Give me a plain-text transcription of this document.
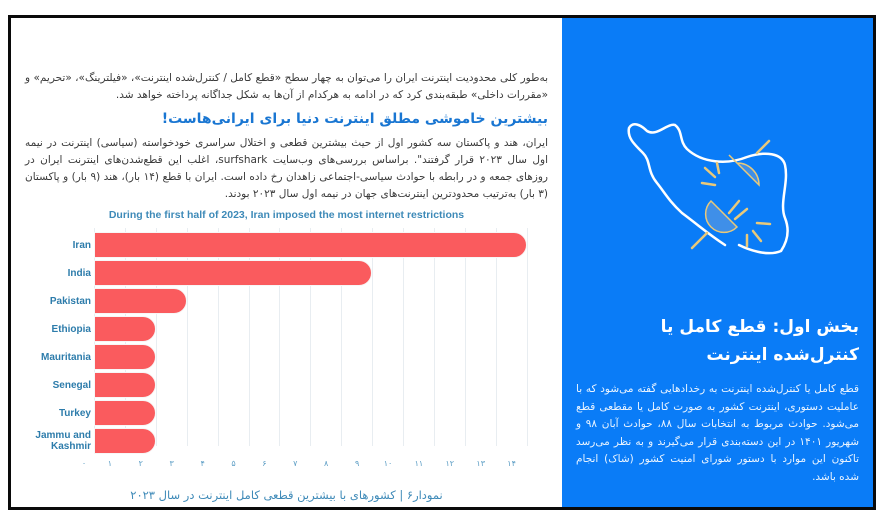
به‌طور کلی محدودیت اینترنت ایران را می‌توان به چهار سطح «قطع کامل / کنترل‌شده اینترنت»، «فیلترینگ»، «تحریم» و «مقررات داخلی» طبقه‌بندی کرد که در ادامه به هرکدام از آن‌ها به شکل جداگانه پرداخته خواهد شد.
بیشترین خاموشی مطلق اینترنت دنیا برای ایرانی‌هاست!
ایران، هند و پاکستان سه کشور اول از حیث بیشترین قطعی و اختلال سراسری خودخواسته (سیاسی) اینترنت در نیمه اول سال ۲۰۲۳ قرار گرفتند". براساس بررسی‌های وب‌سایت surfshark، اغلب این قطع‌شدن‌های اینترنت ایران در روزهای جمعه و در رابطه با حوادث سیاسی-اجتماعی زاهدان رخ داده است. ایران با قطع (۱۴ بار)، هند (۹ بار) و پاکستان (۳ بار) به‌ترتیب محدودترین اینترنت‌های جهان در نیمه اول سال ۲۰۲۳ بودند.
During the first half of 2023, Iran imposed the most internet restrictions
۰	۱	۲	۳	۴	۵	۶	۷	۸	۹	۱۰	۱۱	۱۲	۱۳	۱۴
Iran
India
Pakistan
Ethiopia
Mauritania
Senegal
Turkey
Jammu and Kashmir
نمودار۶ | کشورهای با بیشترین قطعی کامل اینترنت در سال ۲۰۲۳
بخش اول: قطع کامل یا
کنترل‌شده اینترنت
قطع کامل یا کنترل‌شده اینترنت به رخدادهایی گفته می‌شود که با عاملیت دستوری، اینترنت کشور به صورت کامل یا مقطعی قطع می‌شود. حوادث مربوط به انتخابات سال ۸۸، حوادث آبان ۹۸ و شهریور ۱۴۰۱ در این دسته‌بندی قرار می‌گیرند و به نظر می‌رسد تاکنون این موارد با دستور شورای امنیت کشور (شاک) انجام شده باشد.
